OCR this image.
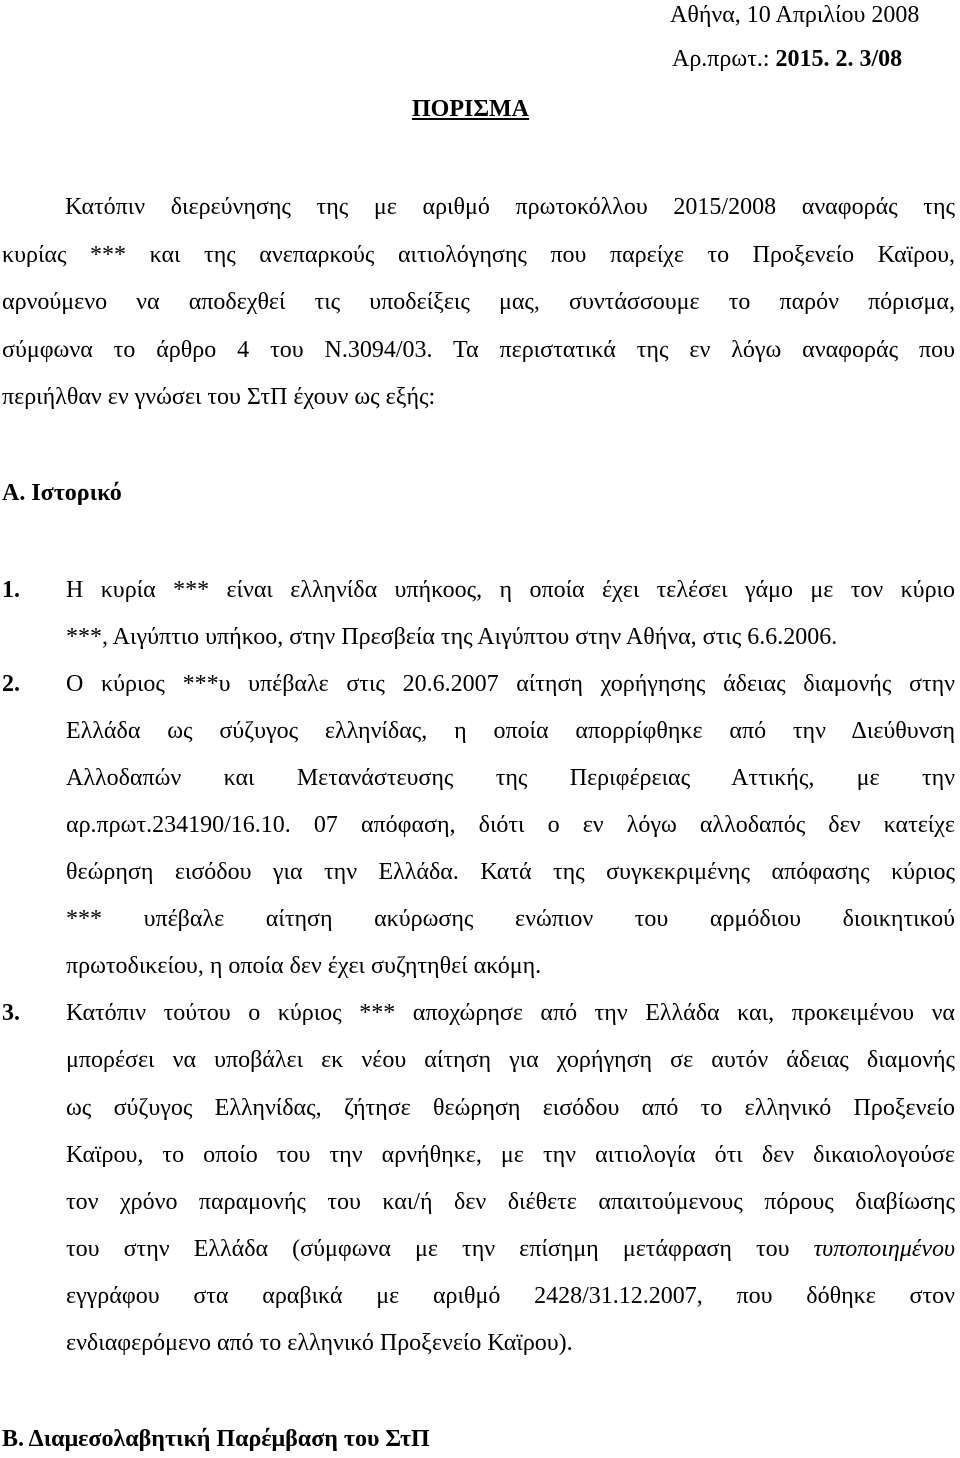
Αθήνα, 10 Απριλίου 2008
Αρ.πρωτ.: 2015. 2. 3/08
ΠΟΡΙΣΜΑ
Κατόπιν διερεύνησης της με αριθμό πρωτοκόλλου 2015/2008 αναφοράς της
κυρίας *** και της ανεπαρκούς αιτιολόγησης που παρείχε το Προξενείο Καϊρου,
αρνούμενο να αποδεχθεί τις υποδείξεις μας, συντάσσουμε το παρόν πόρισμα,
σύμφωνα το άρθρο 4 του Ν.3094/03. Τα περιστατικά της εν λόγω αναφοράς που
περιήλθαν εν γνώσει του ΣτΠ έχουν ως εξής:
Α. Ιστορικό
1. Η κυρία *** είναι ελληνίδα υπήκοος, η οποία έχει τελέσει γάμο με τον κύριο
***, Αιγύπτιο υπήκοο, στην Πρεσβεία της Αιγύπτου στην Αθήνα, στις 6.6.2006.
2. Ο κύριος ***υ υπέβαλε στις 20.6.2007 αίτηση χορήγησης άδειας διαμονής στην
Ελλάδα ως σύζυγος ελληνίδας, η οποία απορρίφθηκε από την Διεύθυνση
Αλλοδαπών και Μετανάστευσης της Περιφέρειας Αττικής, με την
αρ.πρωτ.234190/16.10. 07 απόφαση, διότι ο εν λόγω αλλοδαπός δεν κατείχε
θεώρηση εισόδου για την Ελλάδα. Κατά της συγκεκριμένης απόφασης κύριος
*** υπέβαλε αίτηση ακύρωσης ενώπιον του αρμόδιου διοικητικού
πρωτοδικείου, η οποία δεν έχει συζητηθεί ακόμη.
3. Κατόπιν τούτου ο κύριος *** αποχώρησε από την Ελλάδα και, προκειμένου να
μπορέσει να υποβάλει εκ νέου αίτηση για χορήγηση σε αυτόν άδειας διαμονής
ως σύζυγος Ελληνίδας, ζήτησε θεώρηση εισόδου από το ελληνικό Προξενείο
Καϊρου, το οποίο του την αρνήθηκε, με την αιτιολογία ότι δεν δικαιολογούσε
τον χρόνο παραμονής του και/ή δεν διέθετε απαιτούμενους πόρους διαβίωσης
του στην Ελλάδα (σύμφωνα με την επίσημη μετάφραση του τυποποιημένου
εγγράφου στα αραβικά με αριθμό 2428/31.12.2007, που δόθηκε στον
ενδιαφερόμενο από το ελληνικό Προξενείο Καϊρου).
Β. Διαμεσολαβητική Παρέμβαση του ΣτΠ
